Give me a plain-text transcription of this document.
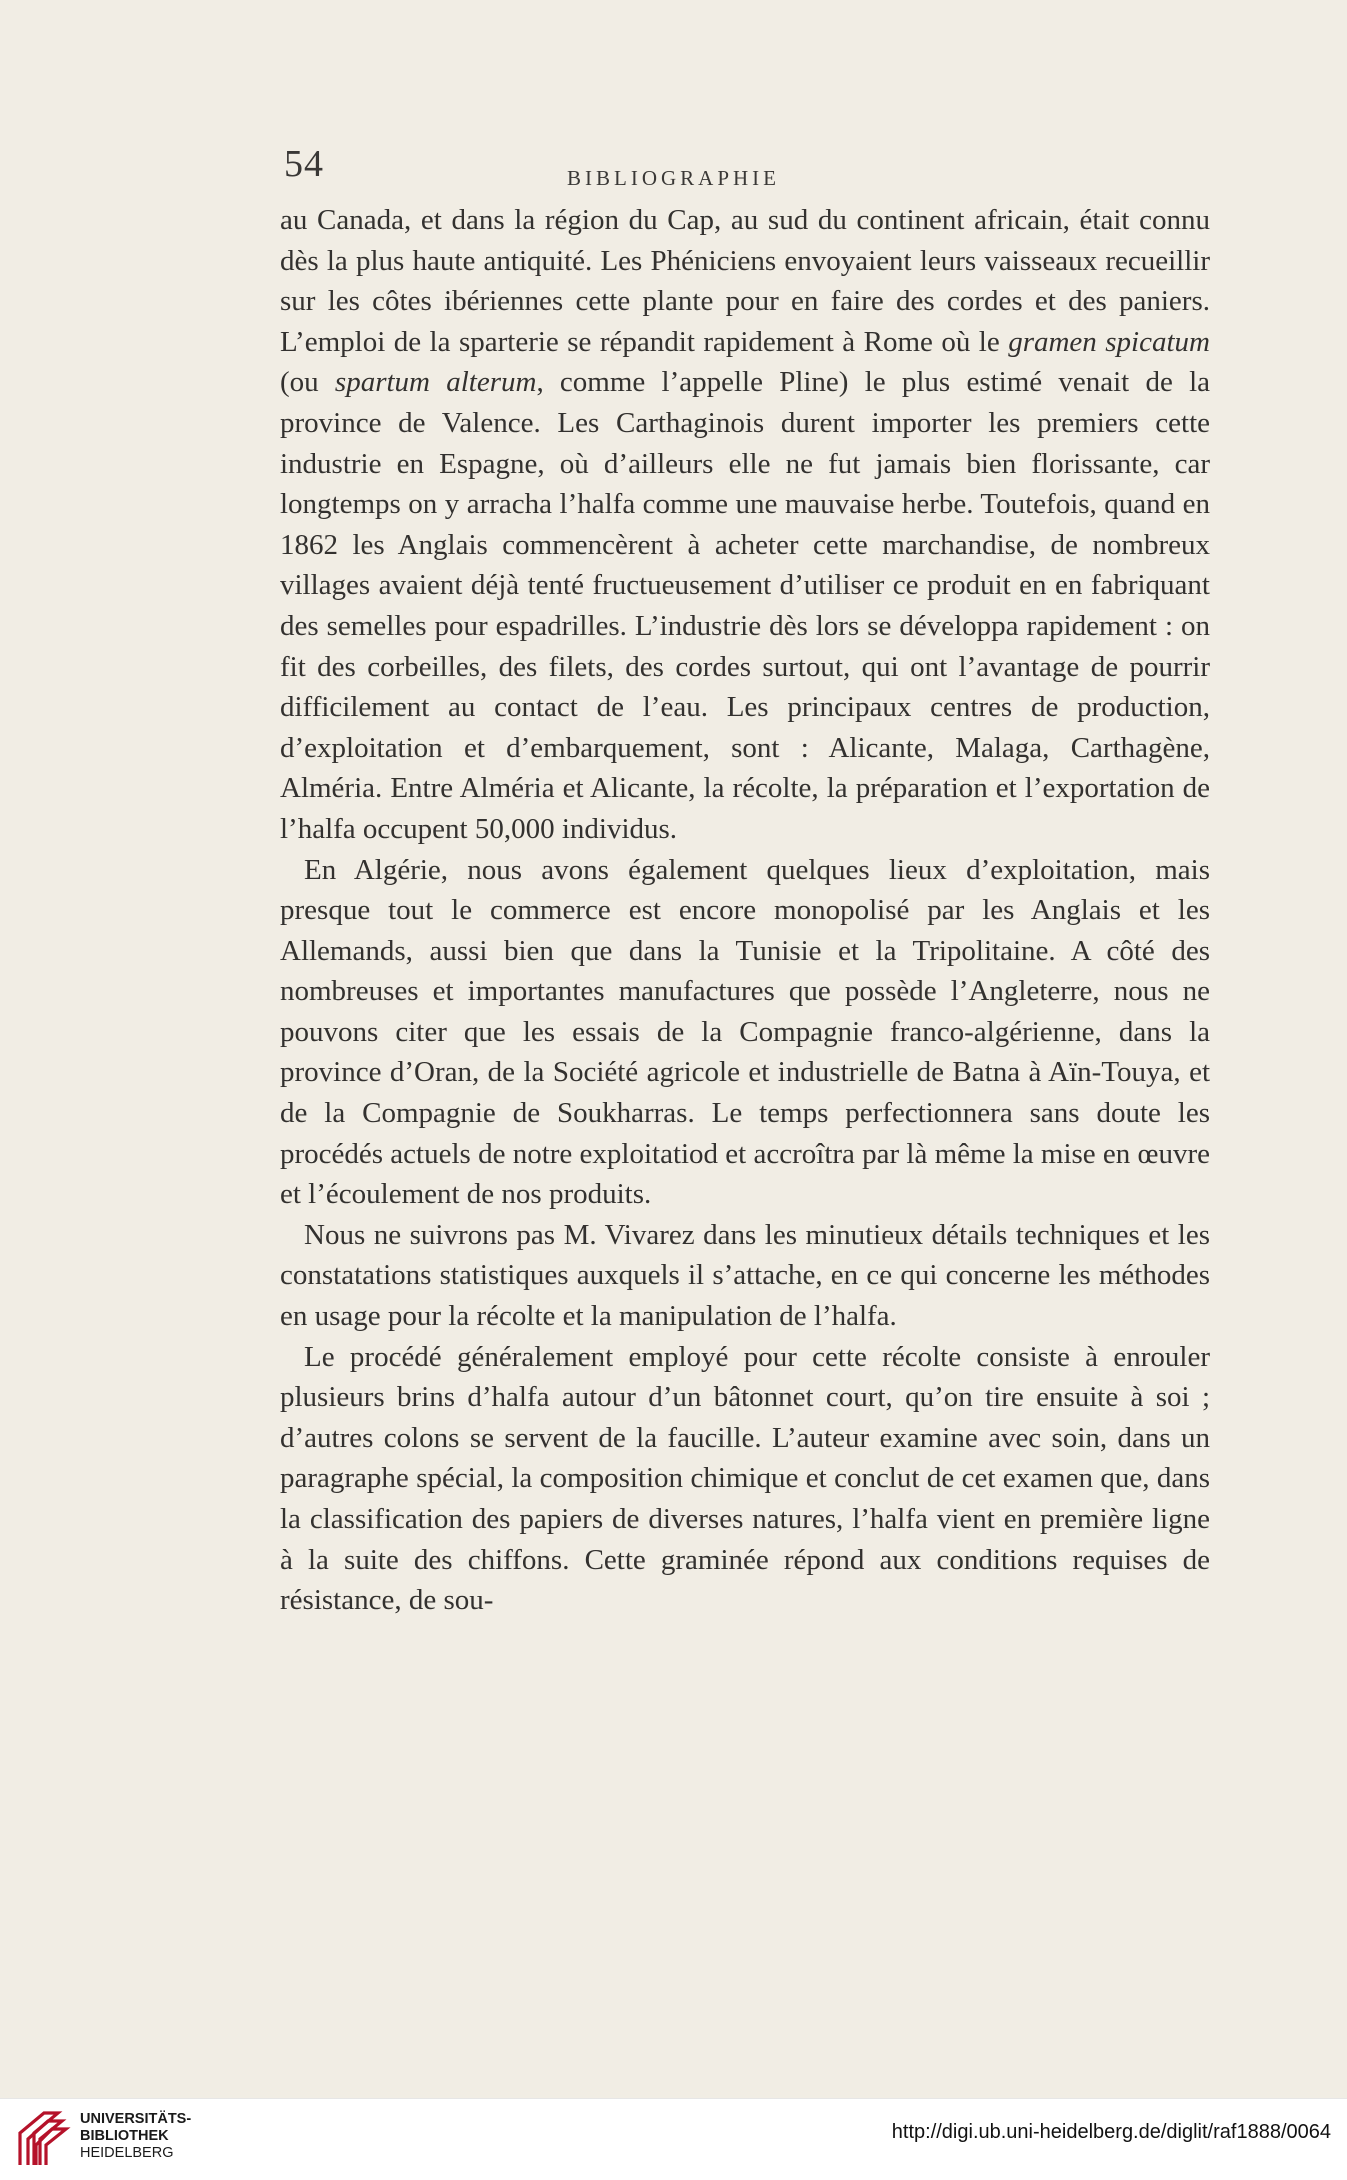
54	BIBLIOGRAPHIE

au Canada, et dans la région du Cap, au sud du continent africain, était connu dès la plus haute antiquité. Les Phéniciens envoyaient leurs vaisseaux recueillir sur les côtes ibériennes cette plante pour en faire des cordes et des paniers. L’emploi de la sparterie se répandit rapidement à Rome où le gramen spicatum (ou spartum alterum, comme l’appelle Pline) le plus estimé venait de la province de Valence. Les Carthaginois durent importer les premiers cette industrie en Espagne, où d’ailleurs elle ne fut jamais bien florissante, car longtemps on y arracha l’halfa comme une mauvaise herbe. Toutefois, quand en 1862 les Anglais commencèrent à acheter cette marchandise, de nombreux villages avaient déjà tenté fructueusement d’utiliser ce produit en en fabriquant des semelles pour espadrilles. L’industrie dès lors se développa rapidement : on fit des corbeilles, des filets, des cordes surtout, qui ont l’avantage de pourrir difficilement au contact de l’eau. Les principaux centres de production, d’exploitation et d’embarquement, sont : Alicante, Malaga, Carthagène, Alméria. Entre Alméria et Alicante, la récolte, la préparation et l’exportation de l’halfa occupent 50,000 individus.

En Algérie, nous avons également quelques lieux d’exploitation, mais presque tout le commerce est encore monopolisé par les Anglais et les Allemands, aussi bien que dans la Tunisie et la Tripolitaine. A côté des nombreuses et importantes manufactures que possède l’Angleterre, nous ne pouvons citer que les essais de la Compagnie franco-algérienne, dans la province d’Oran, de la Société agricole et industrielle de Batna à Aïn-Touya, et de la Compagnie de Soukharras. Le temps perfectionnera sans doute les procédés actuels de notre exploitatiod et accroîtra par là même la mise en œuvre et l’écoulement de nos produits.

Nous ne suivrons pas M. Vivarez dans les minutieux détails techniques et les constatations statistiques auxquels il s’attache, en ce qui concerne les méthodes en usage pour la récolte et la manipulation de l’halfa.

Le procédé généralement employé pour cette récolte consiste à enrouler plusieurs brins d’halfa autour d’un bâtonnet court, qu’on tire ensuite à soi ; d’autres colons se servent de la faucille. L’auteur examine avec soin, dans un paragraphe spécial, la composition chimique et conclut de cet examen que, dans la classification des papiers de diverses natures, l’halfa vient en première ligne à la suite des chiffons. Cette graminée répond aux conditions requises de résistance, de sou-

UNIVERSITÄTS-
BIBLIOTHEK
HEIDELBERG
http://digi.ub.uni-heidelberg.de/diglit/raf1888/0064
